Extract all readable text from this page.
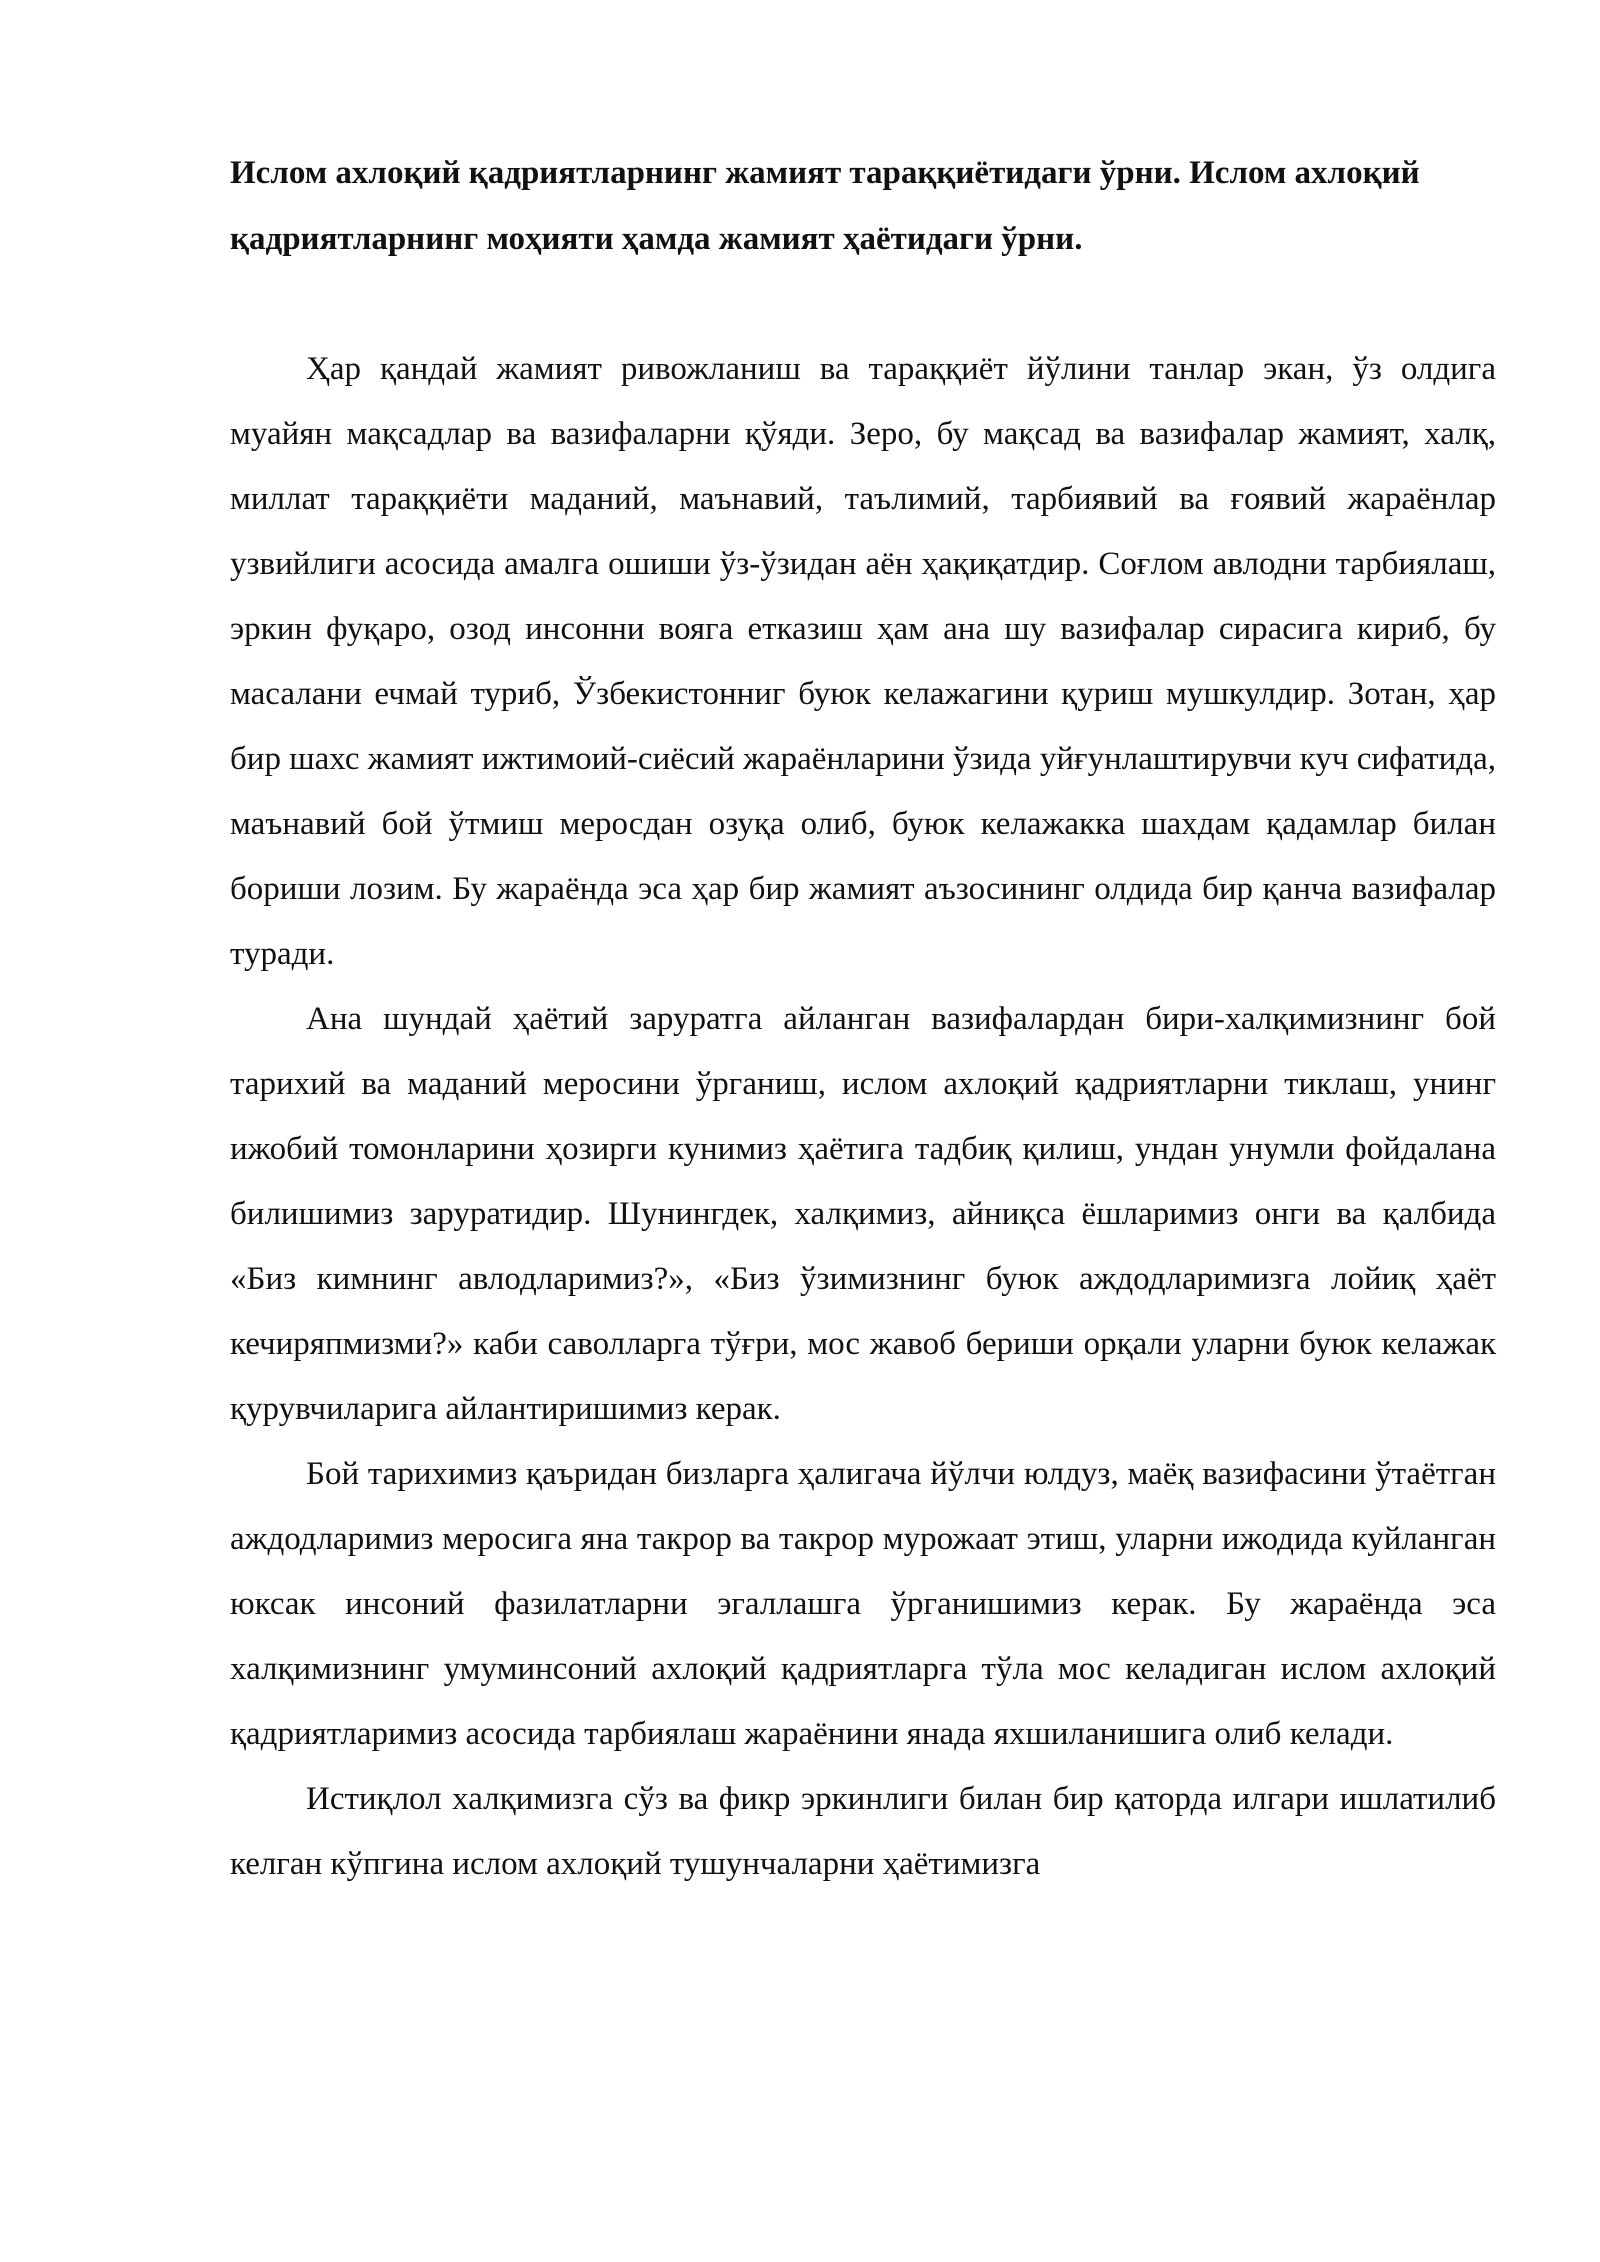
Ислом ахлоқий қадриятларнинг жамият тараққиётидаги ўрни. Ислом ахлоқий қадриятларнинг моҳияти ҳамда жамият ҳаётидаги ўрни.

Ҳар қандай жамият ривожланиш ва тараққиёт йўлини танлар экан, ўз олдига муайян мақсадлар ва вазифаларни қўяди. Зеро, бу мақсад ва вазифалар жамият, халқ, миллат тараққиёти маданий, маънавий, таълимий, тарбиявий ва ғоявий жараёнлар узвийлиги асосида амалга ошиши ўз-ўзидан аён ҳақиқатдир. Соғлом авлодни тарбиялаш, эркин фуқаро, озод инсонни вояга етказиш ҳам ана шу вазифалар сирасига кириб, бу масалани ечмай туриб, Ўзбекистонниг буюк келажагини қуриш мушкулдир. Зотан, ҳар бир шахс жамият ижтимоий-сиёсий жараёнларини ўзида уйғунлаштирувчи куч сифатида, маънавий бой ўтмиш меросдан озуқа олиб, буюк келажакка шахдам қадамлар билан бориши лозим. Бу жараёнда эса ҳар бир жамият аъзосининг олдида бир қанча вазифалар туради.

Ана шундай ҳаётий заруратга айланган вазифалардан бири-халқимизнинг бой тарихий ва маданий меросини ўрганиш, ислом ахлоқий қадриятларни тиклаш, унинг ижобий томонларини ҳозирги кунимиз ҳаётига тадбиқ қилиш, ундан унумли фойдалана билишимиз заруратидир. Шунингдек, халқимиз, айниқса ёшларимиз онги ва қалбида «Биз кимнинг авлодларимиз?», «Биз ўзимизнинг буюк аждодларимизга лойиқ ҳаёт кечиряпмизми?» каби саволларга тўғри, мос жавоб бериши орқали уларни буюк келажак қурувчиларига айлантиришимиз керак.

Бой тарихимиз қаъридан бизларга ҳалигача йўлчи юлдуз, маёқ вазифасини ўтаётган аждодларимиз меросига яна такрор ва такрор мурожаат этиш, уларни ижодида куйланган юксак инсоний фазилатларни эгаллашга ўрганишимиз керак. Бу жараёнда эса халқимизнинг умуминсоний ахлоқий қадриятларга тўла мос келадиган ислом ахлоқий қадриятларимиз асосида тарбиялаш жараёнини янада яхшиланишига олиб келади.

Истиқлол халқимизга сўз ва фикр эркинлиги билан бир қаторда илгари ишлатилиб келган кўпгина ислом ахлоқий тушунчаларни ҳаётимизга
